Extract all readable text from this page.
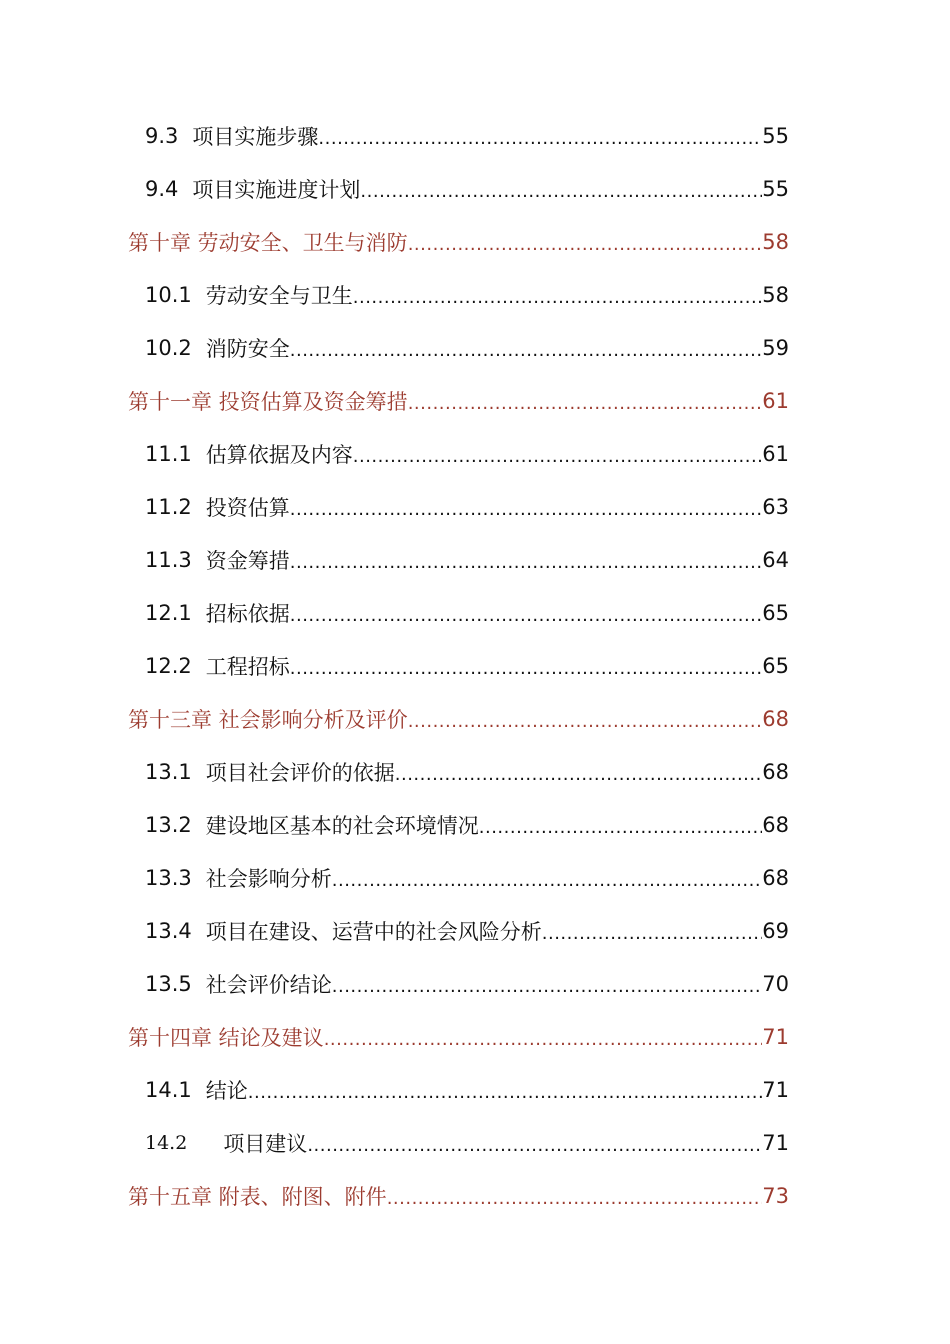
9.3 项目实施步骤 .....	55
9.4 项目实施进度计划 .....	55
第十章 劳动安全、卫生与消防 .....	58
10.1 劳动安全与卫生 .....	58
10.2 消防安全 .....	59
第十一章 投资估算及资金筹措 .....	61
11.1 估算依据及内容 .....	61
11.2 投资估算 .....	63
11.3 资金筹措 .....	64
12.1 招标依据 .....	65
12.2 工程招标 .....	65
第十三章 社会影响分析及评价 .....	68
13.1 项目社会评价的依据 .....	68
13.2 建设地区基本的社会环境情况 .....	68
13.3 社会影响分析 .....	68
13.4 项目在建设、运营中的社会风险分析 .....	69
13.5 社会评价结论 .....	70
第十四章 结论及建议 .....	71
14.1 结论 .....	71
14.2	项目建议 .....	71
第十五章 附表、附图、附件 .....	73
